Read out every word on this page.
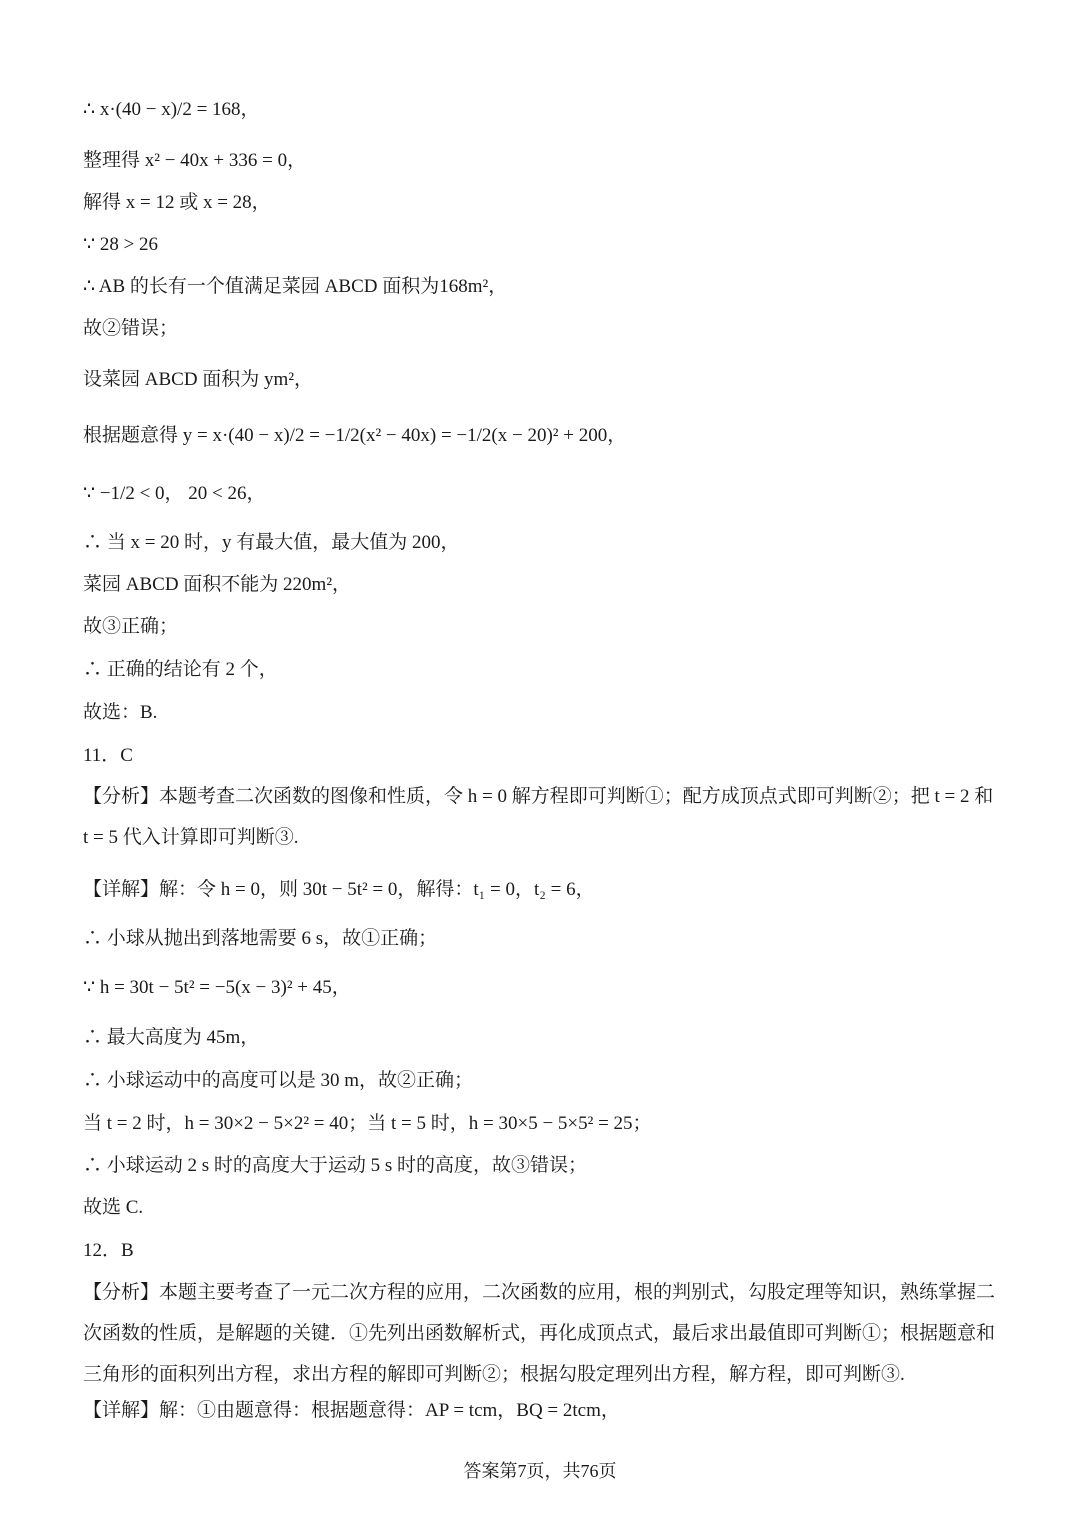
∴ x·(40 − x)/2 = 168，
整理得 x² − 40x + 336 = 0，
解得 x = 12 或 x = 28，
∵ 28 > 26
∴ AB 的长有一个值满足菜园 ABCD 面积为168m²，
故②错误；
设菜园 ABCD 面积为 ym²，
根据题意得 y = x·(40 − x)/2 = −1/2(x² − 40x) = −1/2(x − 20)² + 200，
∵ −1/2 < 0， 20 < 26，
∴ 当 x = 20 时，y 有最大值，最大值为 200，
菜园 ABCD 面积不能为 220m²，
故③正确；
∴ 正确的结论有 2 个，
故选：B.
11．C
【分析】本题考查二次函数的图像和性质，令 h = 0 解方程即可判断①；配方成顶点式即可判断②；把 t = 2 和 t = 5 代入计算即可判断③.
【详解】解：令 h = 0，则 30t − 5t² = 0，解得：t₁ = 0，t₂ = 6，
∴ 小球从抛出到落地需要 6 s，故①正确；
∵ h = 30t − 5t² = −5(x − 3)² + 45，
∴ 最大高度为 45m，
∴ 小球运动中的高度可以是 30 m，故②正确；
当 t = 2 时，h = 30×2 − 5×2² = 40；当 t = 5 时，h = 30×5 − 5×5² = 25；
∴ 小球运动 2 s 时的高度大于运动 5 s 时的高度，故③错误；
故选 C.
12．B
【分析】本题主要考查了一元二次方程的应用，二次函数的应用，根的判别式，勾股定理等知识，熟练掌握二次函数的性质，是解题的关键．①先列出函数解析式，再化成顶点式，最后求出最值即可判断①；根据题意和三角形的面积列出方程，求出方程的解即可判断②；根据勾股定理列出方程，解方程，即可判断③.
【详解】解：①由题意得：根据题意得：AP = tcm，BQ = 2tcm，
答案第7页，共76页
